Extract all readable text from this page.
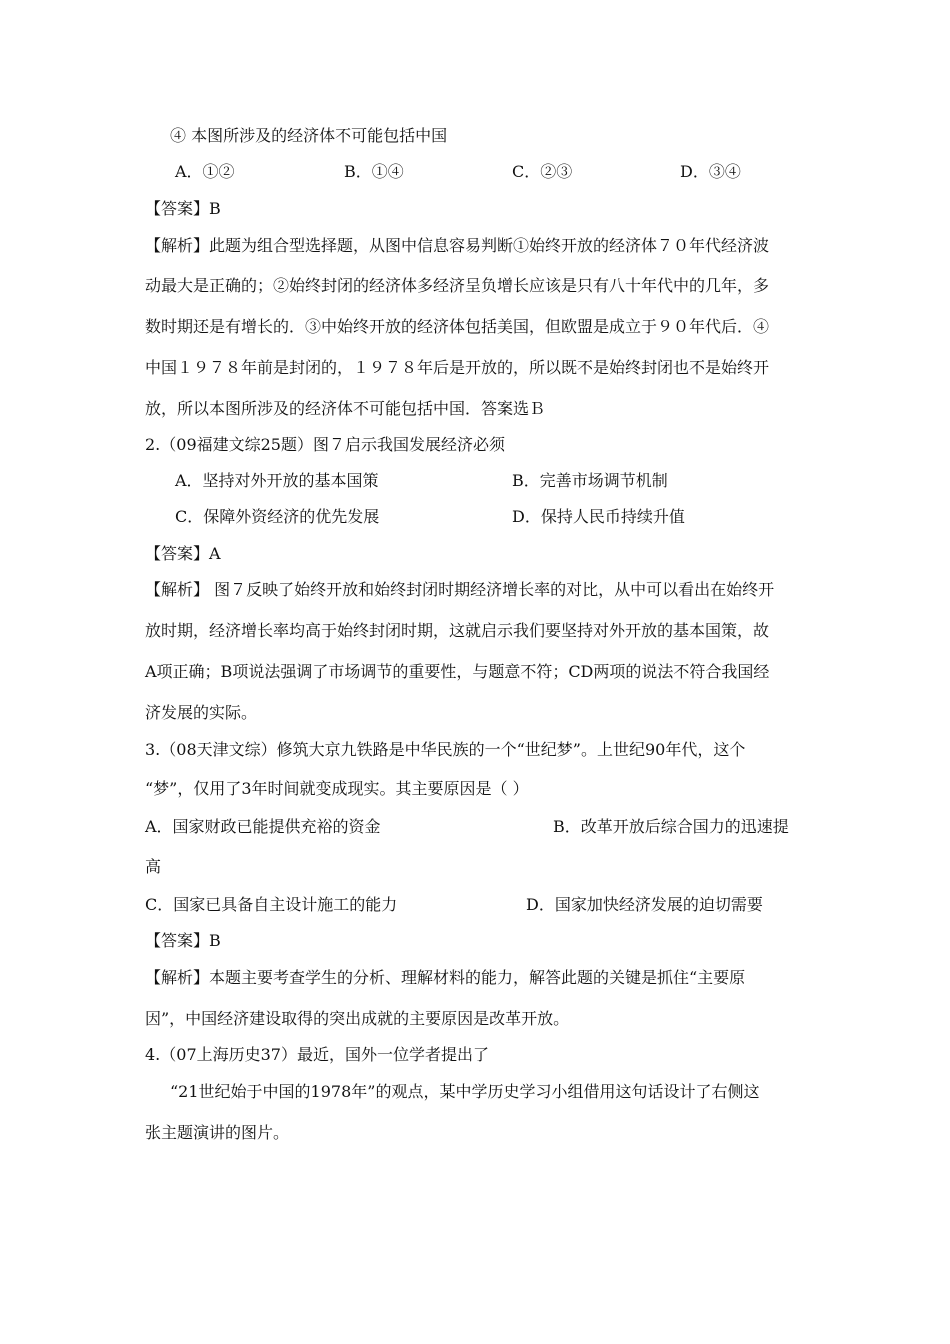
④ 本图所涉及的经济体不可能包括中国
A．①②	B．①④	C．②③	D．③④
【答案】B
【解析】此题为组合型选择题，从图中信息容易判断①始终开放的经济体７０年代经济波
动最大是正确的；②始终封闭的经济体多经济呈负增长应该是只有八十年代中的几年，多
数时期还是有增长的．③中始终开放的经济体包括美国，但欧盟是成立于９０年代后．④
中国１９７８年前是封闭的，１９７８年后是开放的，所以既不是始终封闭也不是始终开
放，所以本图所涉及的经济体不可能包括中国．答案选Ｂ
2.（09福建文综25题）图７启示我国发展经济必须
A．坚持对外开放的基本国策	B．完善市场调节机制
C．保障外资经济的优先发展	D．保持人民币持续升值
【答案】A
【解析】 图７反映了始终开放和始终封闭时期经济增长率的对比，从中可以看出在始终开
放时期，经济增长率均高于始终封闭时期，这就启示我们要坚持对外开放的基本国策，故
A项正确；B项说法强调了市场调节的重要性，与题意不符；CD两项的说法不符合我国经
济发展的实际。
3.（08天津文综）修筑大京九铁路是中华民族的一个“世纪梦”。上世纪90年代，这个
“梦”，仅用了3年时间就变成现实。其主要原因是（ ）
A．国家财政已能提供充裕的资金	B．改革开放后综合国力的迅速提
高
C．国家已具备自主设计施工的能力	D．国家加快经济发展的迫切需要
【答案】B
【解析】本题主要考查学生的分析、理解材料的能力，解答此题的关键是抓住“主要原
因”，中国经济建设取得的突出成就的主要原因是改革开放。
4.（07上海历史37）最近，国外一位学者提出了
“21世纪始于中国的1978年”的观点，某中学历史学习小组借用这句话设计了右侧这
张主题演讲的图片。
